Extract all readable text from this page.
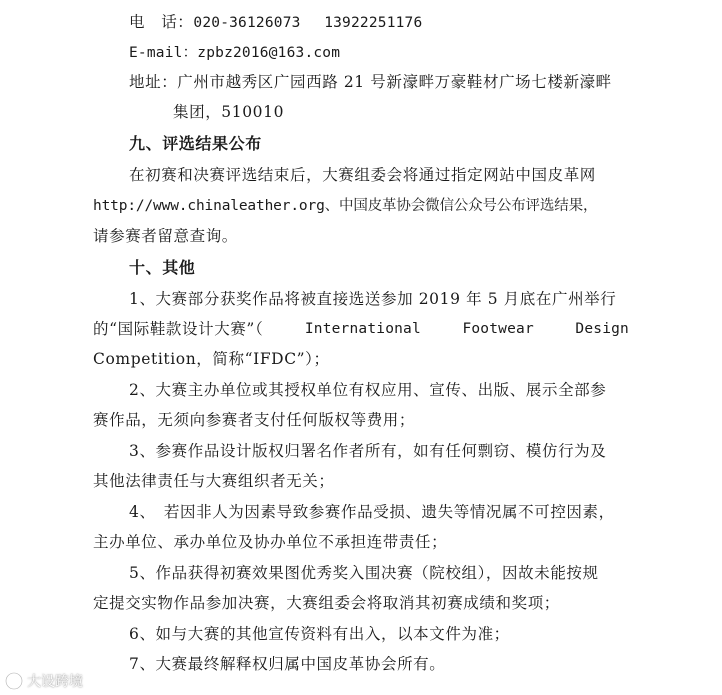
电　话：020-36126073　 13922251176
E-mail：zpbz2016@163.com
地址：广州市越秀区广园西路 21 号新濠畔万豪鞋材广场七楼新濠畔
集团，510010
九、评选结果公布
在初赛和决赛评选结束后，大赛组委会将通过指定网站中国皮革网
http://www.chinaleather.org、中国皮革协会微信公众号公布评选结果，
请参赛者留意查询。
十、其他
1、大赛部分获奖作品将被直接选送参加 2019 年 5 月底在广州举行
的“国际鞋款设计大赛”（	International	Footwear	Design
Competition，简称“IFDC”）；
2、大赛主办单位或其授权单位有权应用、宣传、出版、展示全部参
赛作品，无须向参赛者支付任何版权等费用；
3、参赛作品设计版权归署名作者所有，如有任何剽窃、模仿行为及
其他法律责任与大赛组织者无关；
4、　若因非人为因素导致参赛作品受损、遗失等情况属不可控因素，
主办单位、承办单位及协办单位不承担连带责任；
5、作品获得初赛效果图优秀奖入围决赛（院校组），因故未能按规
定提交实物作品参加决赛，大赛组委会将取消其初赛成绩和奖项；
6、如与大赛的其他宣传资料有出入，以本文件为准；
7、大赛最终解释权归属中国皮革协会所有。
大设跨境
